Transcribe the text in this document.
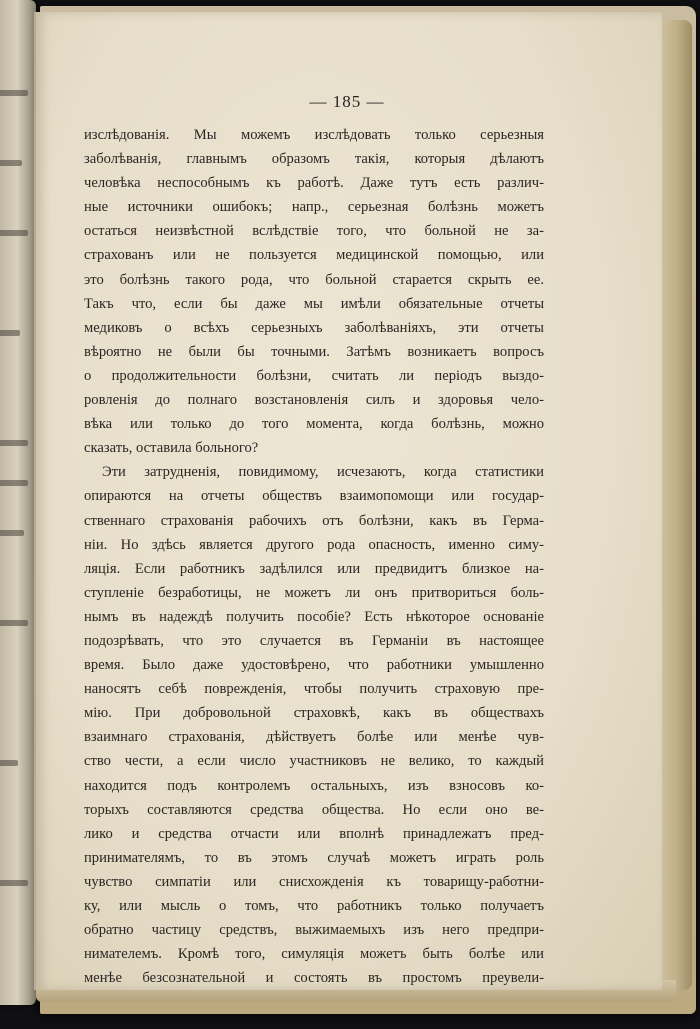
— 185 —
изслѣдованія. Мы можемъ изслѣдовать только серьезныя
заболѣванія, главнымъ образомъ такія, которыя дѣлаютъ
человѣка неспособнымъ къ работѣ. Даже тутъ есть различ-
ные источники ошибокъ; напр., серьезная болѣзнь можетъ
остаться неизвѣстной вслѣдствіе того, что больной не за-
страхованъ или не пользуется медицинской помощью, или
это болѣзнь такого рода, что больной старается скрыть ее.
Такъ что, если бы даже мы имѣли обязательные отчеты
медиковъ о всѣхъ серьезныхъ заболѣваніяхъ, эти отчеты
вѣроятно не были бы точными. Затѣмъ возникаетъ вопросъ
о продолжительности болѣзни, считать ли періодъ выздо-
ровленія до полнаго возстановленія силъ и здоровья чело-
вѣка или только до того момента, когда болѣзнь, можно
сказать, оставила больного?
Эти затрудненія, повидимому, исчезаютъ, когда статистики
опираются на отчеты обществъ взаимопомощи или государ-
ственнаго страхованія рабочихъ отъ болѣзни, какъ въ Герма-
ніи. Но здѣсь является другого рода опасность, именно симу-
ляція. Если работникъ задѣлился или предвидитъ близкое на-
ступленіе безработицы, не можетъ ли онъ притвориться боль-
нымъ въ надеждѣ получить пособіе? Есть нѣкоторое основаніе
подозрѣвать, что это случается въ Германіи въ настоящее
время. Было даже удостовѣрено, что работники умышленно
наносятъ себѣ поврежденія, чтобы получить страховую пре-
мію. При добровольной страховкѣ, какъ въ обществахъ
взаимнаго страхованія, дѣйствуетъ болѣе или менѣе чув-
ство чести, а если число участниковъ не велико, то каждый
находится подъ контролемъ остальныхъ, изъ взносовъ ко-
торыхъ составляются средства общества. Но если оно ве-
лико и средства отчасти или вполнѣ принадлежатъ пред-
принимателямъ, то въ этомъ случаѣ можетъ играть роль
чувство симпатіи или снисхожденія къ товарищу-работни-
ку, или мысль о томъ, что работникъ только получаетъ
обратно частицу средствъ, выжимаемыхъ изъ него предпри-
нимателемъ. Кромѣ того, симуляція можетъ быть болѣе или
менѣе безсознательной и состоять въ простомъ преувели-
